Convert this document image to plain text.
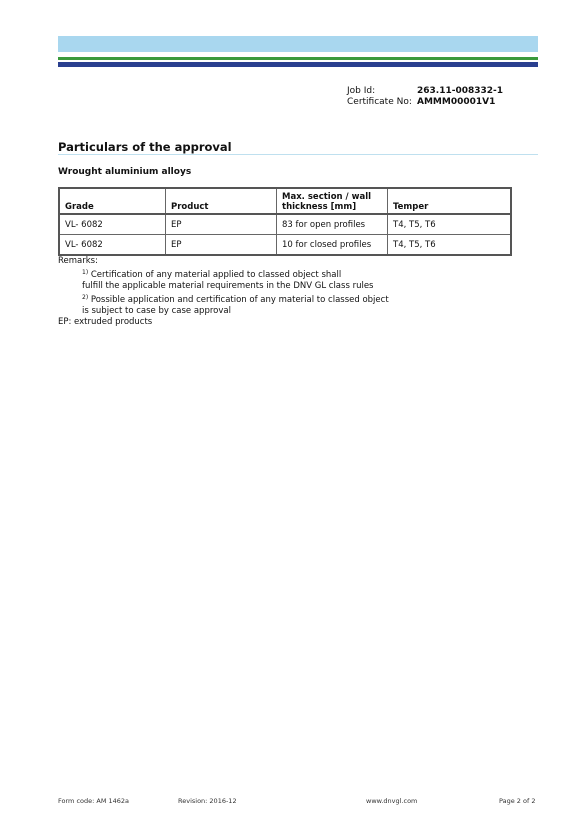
Job Id:	263.11-008332-1
Certificate No: AMMM00001V1
Particulars of the approval
Wrought aluminium alloys
Grade	Product	Max. section / wall thickness [mm]	Temper
VL- 6082	EP	83 for open profiles	T4, T5, T6
VL- 6082	EP	10 for closed profiles	T4, T5, T6
Remarks:
$^{1)}$ Certification of any material applied to classed object shall
fulfill the applicable material requirements in the DNV GL class rules
$^{2)}$ Possible application and certification of any material to classed object
is subject to case by case approval
EP: extruded products
Form code: AM 1462a	Revision: 2016-12	www.dnvgl.com	Page 2 of 2
